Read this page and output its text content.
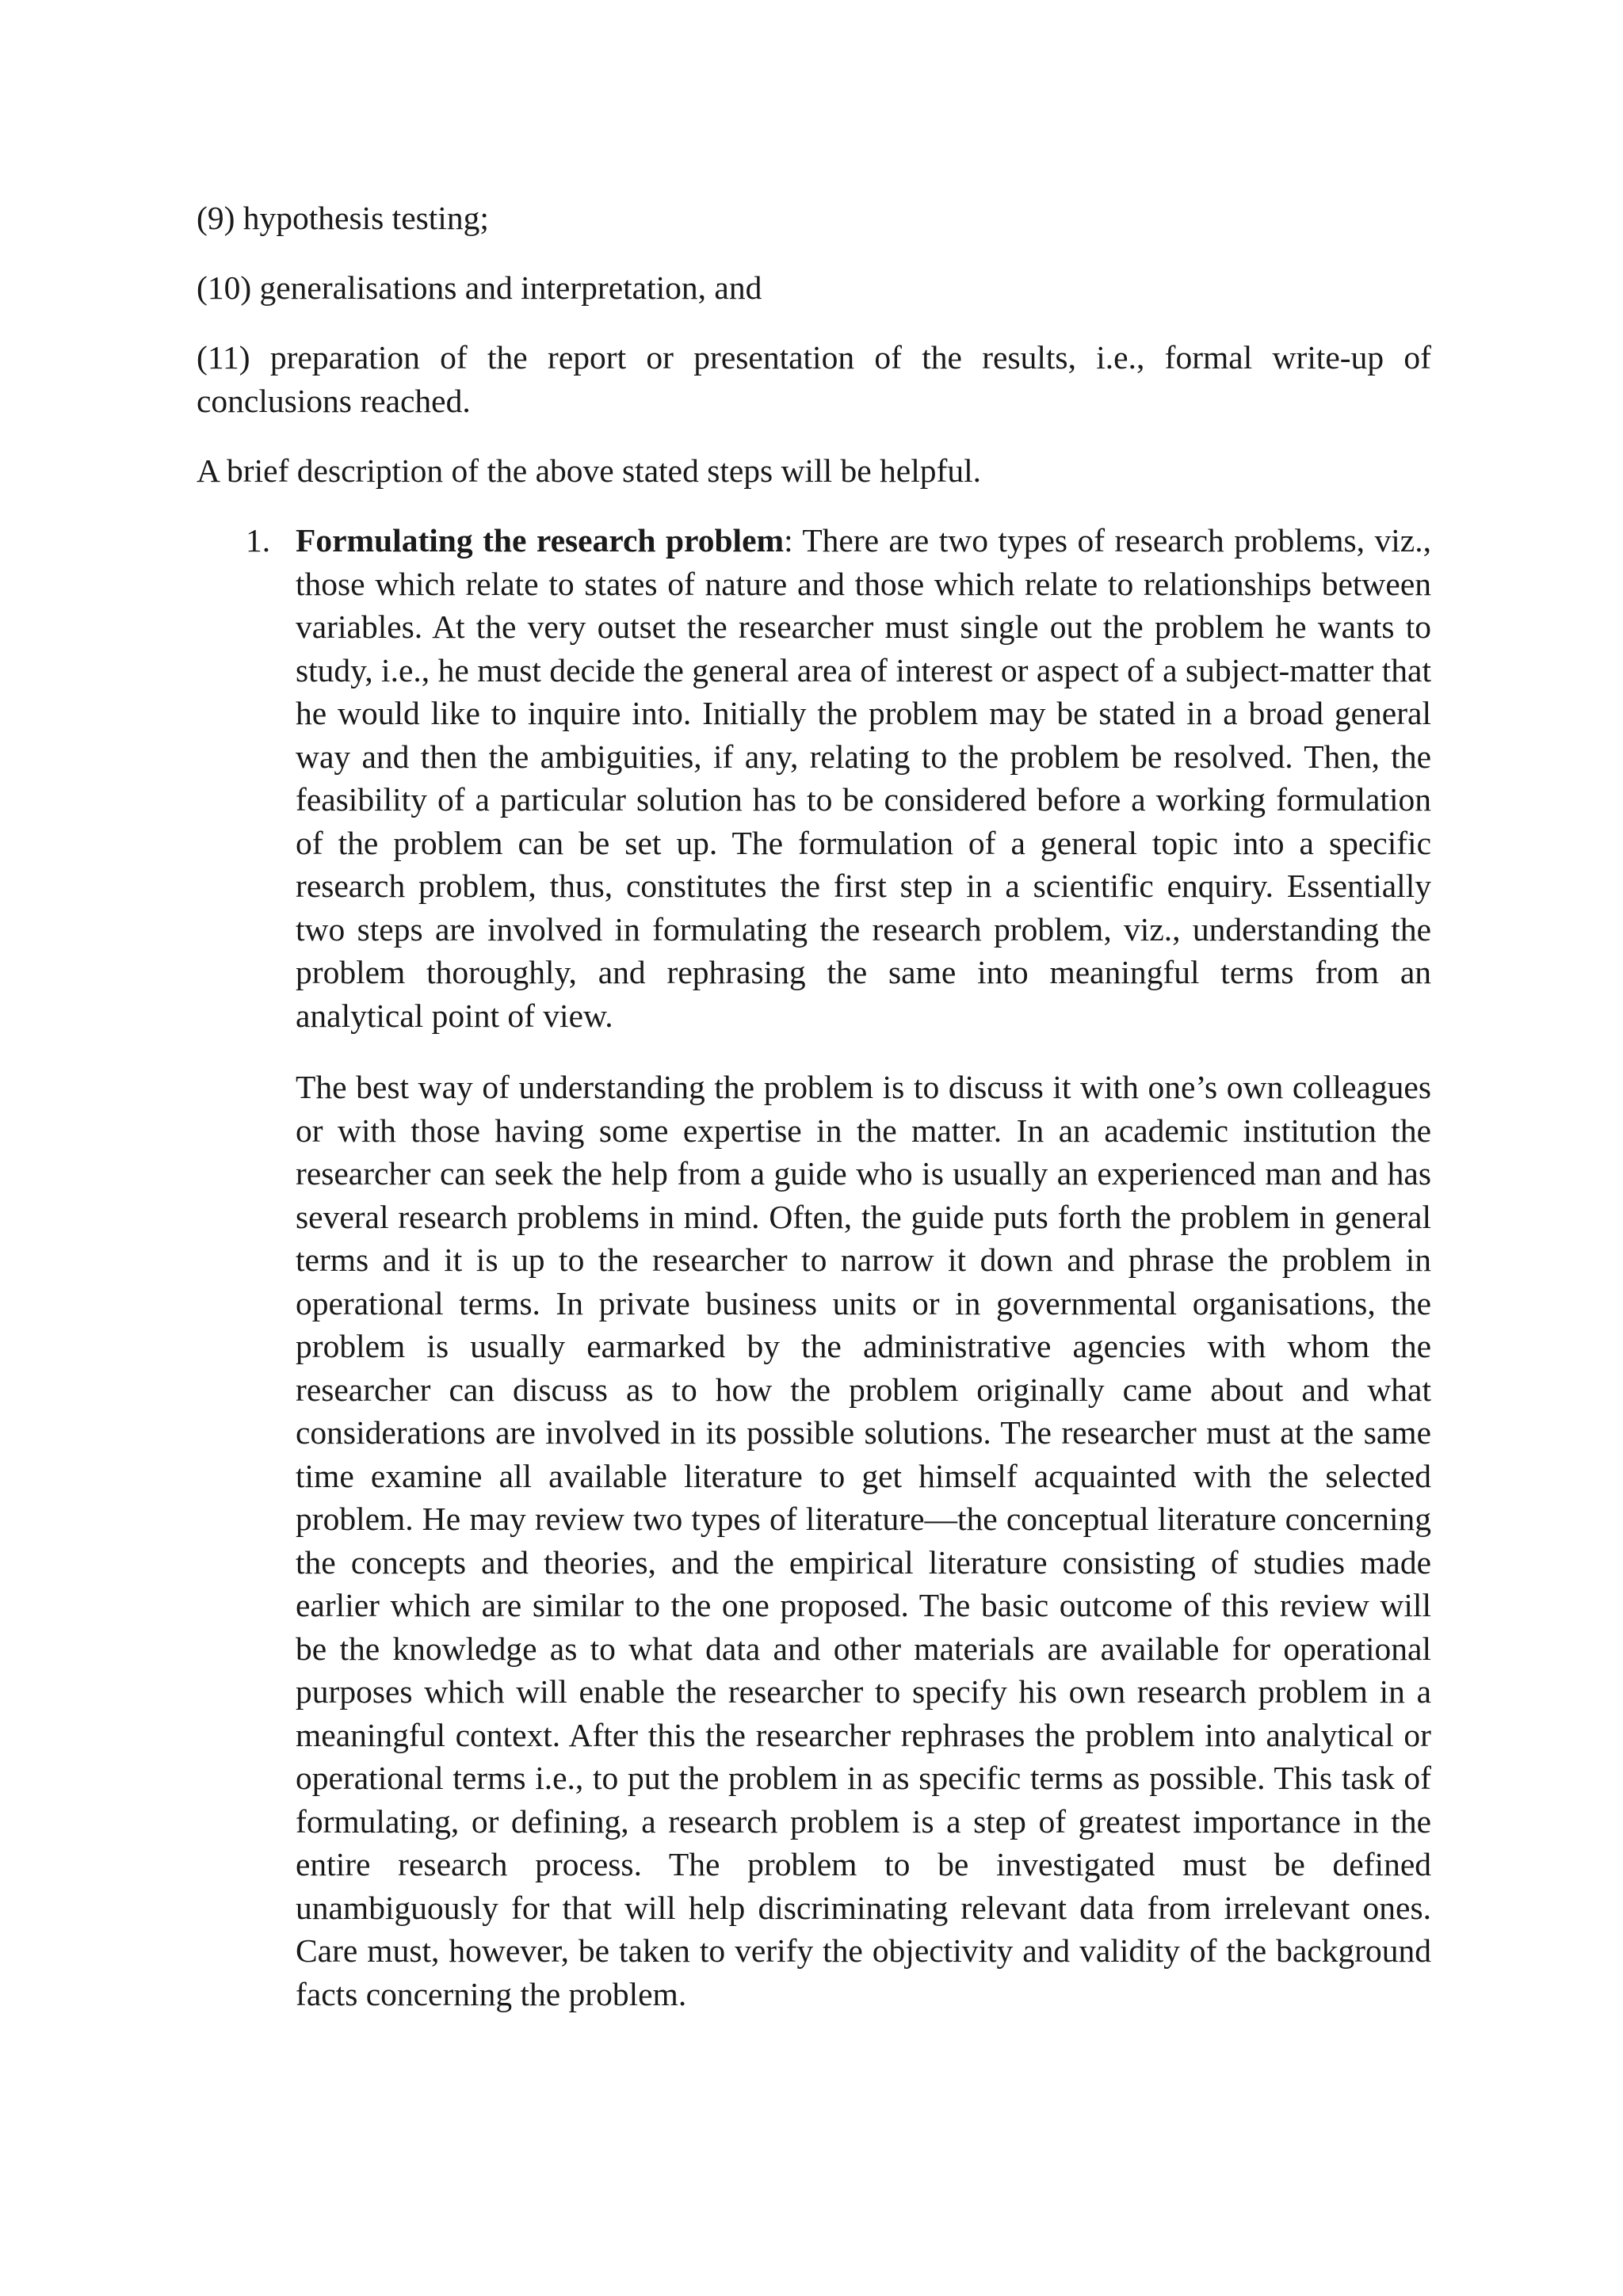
(9) hypothesis testing;

(10) generalisations and interpretation, and

(11) preparation of the report or presentation of the results, i.e., formal write-up of conclusions reached.

A brief description of the above stated steps will be helpful.

1. Formulating the research problem: There are two types of research problems, viz., those which relate to states of nature and those which relate to relationships between variables. At the very outset the researcher must single out the problem he wants to study, i.e., he must decide the general area of interest or aspect of a subject-matter that he would like to inquire into. Initially the problem may be stated in a broad general way and then the ambiguities, if any, relating to the problem be resolved. Then, the feasibility of a particular solution has to be considered before a working formulation of the problem can be set up. The formulation of a general topic into a specific research problem, thus, constitutes the first step in a scientific enquiry. Essentially two steps are involved in formulating the research problem, viz., understanding the problem thoroughly, and rephrasing the same into meaningful terms from an analytical point of view.

The best way of understanding the problem is to discuss it with one’s own colleagues or with those having some expertise in the matter. In an academic institution the researcher can seek the help from a guide who is usually an experienced man and has several research problems in mind. Often, the guide puts forth the problem in general terms and it is up to the researcher to narrow it down and phrase the problem in operational terms. In private business units or in governmental organisations, the problem is usually earmarked by the administrative agencies with whom the researcher can discuss as to how the problem originally came about and what considerations are involved in its possible solutions. The researcher must at the same time examine all available literature to get himself acquainted with the selected problem. He may review two types of literature—the conceptual literature concerning the concepts and theories, and the empirical literature consisting of studies made earlier which are similar to the one proposed. The basic outcome of this review will be the knowledge as to what data and other materials are available for operational purposes which will enable the researcher to specify his own research problem in a meaningful context. After this the researcher rephrases the problem into analytical or operational terms i.e., to put the problem in as specific terms as possible. This task of formulating, or defining, a research problem is a step of greatest importance in the entire research process. The problem to be investigated must be defined unambiguously for that will help discriminating relevant data from irrelevant ones. Care must, however, be taken to verify the objectivity and validity of the background facts concerning the problem.
